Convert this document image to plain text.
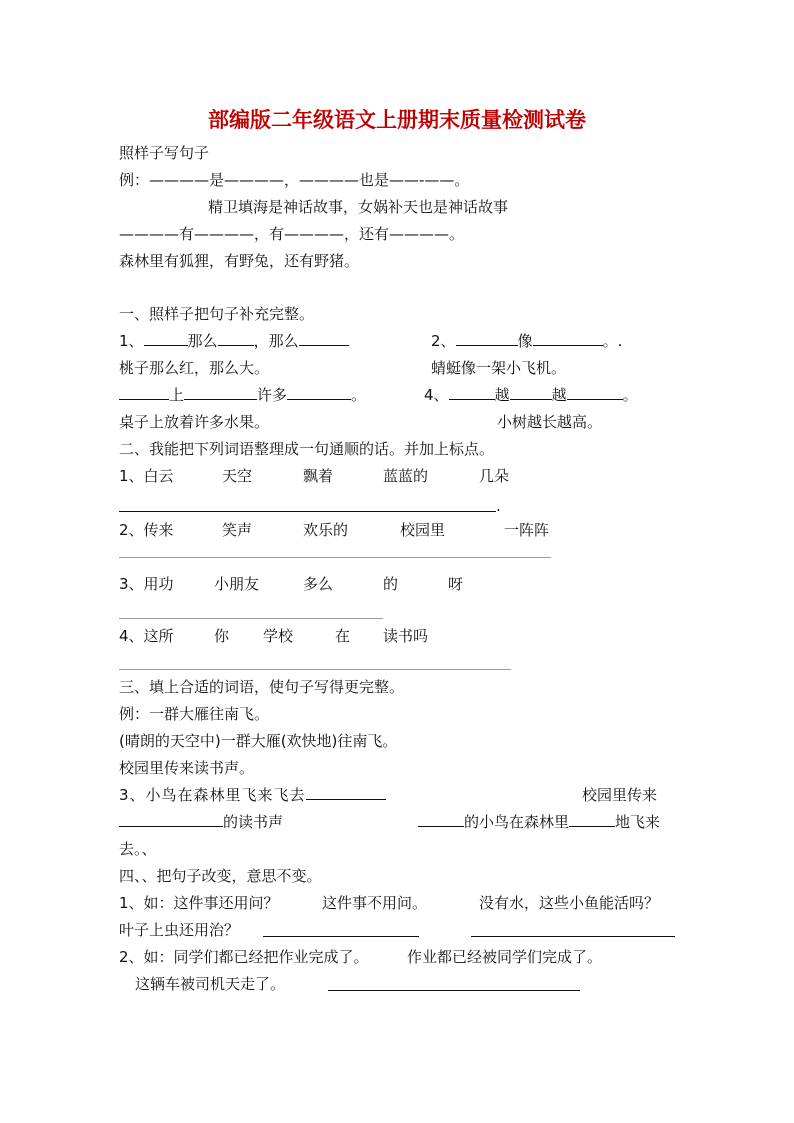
部编版二年级语文上册期末质量检测试卷
照样子写句子
例：————是————，————也是——-——。
精卫填海是神话故事，女娲补天也是神话故事
————有————，有————，还有————。
森林里有狐狸，有野兔，还有野猪。
一、照样子把句子补充完整。
1、	那么 ，那么	2、	像	。.
桃子那么红，那么大。	蜻蜓像一架小飞机。
上	许多	。	4、	越	越	。
桌子上放着许多水果。	小树越长越高。
二、我能把下列词语整理成一句通顺的话。并加上标点。
1、白云	天空	飘着	蓝蓝的	几朵
.
2、传来	笑声	欢乐的	校园里	一阵阵
3、用功	小朋友	多么	的	呀
4、这所	你 学校	在 读书吗
三、填上合适的词语，使句子写得更完整。
例：一群大雁往南飞。
(晴朗的天空中)一群大雁(欢快地)往南飞。
校园里传来读书声。
3、小鸟在森林里飞来飞去	校园里传来
的读书声	的小鸟在森林里	地飞来
去。、
四、、把句子改变，意思不变。
1、如：这件事还用问？	这件事不用问。	没有水，这些小鱼能活吗？
叶子上虫还用治？
2、如：同学们都已经把作业完成了。	作业都已经被同学们完成了。
这辆车被司机天走了。
